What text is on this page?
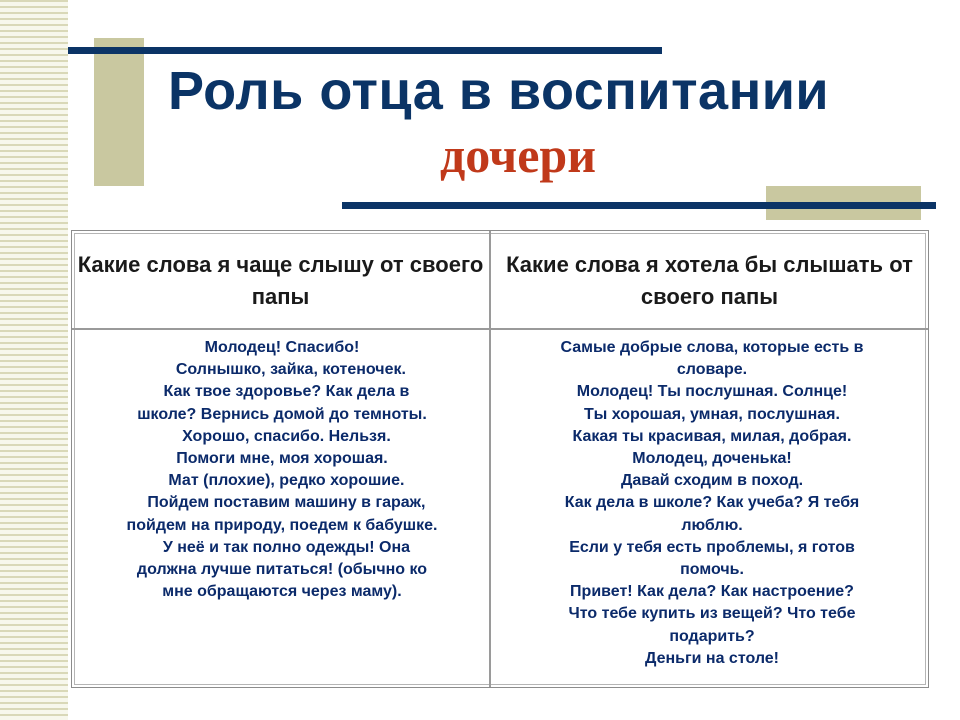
Роль отца в воспитании
дочери
Какие слова я чаще слышу от своего папы
Какие слова я хотела бы слышать от своего папы
Молодец! Спасибо!
Солнышко, зайка, котеночек.
Как твое здоровье? Как дела в
школе? Вернись домой до темноты.
Хорошо, спасибо. Нельзя.
Помоги мне, моя хорошая.
Мат (плохие), редко хорошие.
Пойдем поставим машину в гараж,
пойдем на природу, поедем к бабушке.
У неё и так полно одежды! Она
должна лучше питаться! (обычно ко
мне обращаются через маму).
Самые добрые слова, которые есть в
словаре.
Молодец! Ты послушная. Солнце!
Ты хорошая, умная, послушная.
Какая ты красивая, милая, добрая.
Молодец, доченька!
Давай сходим в поход.
Как дела в школе? Как учеба? Я тебя
люблю.
Если у тебя есть проблемы, я готов
помочь.
Привет! Как дела? Как настроение?
Что тебе купить из вещей? Что тебе
подарить?
Деньги на столе!
